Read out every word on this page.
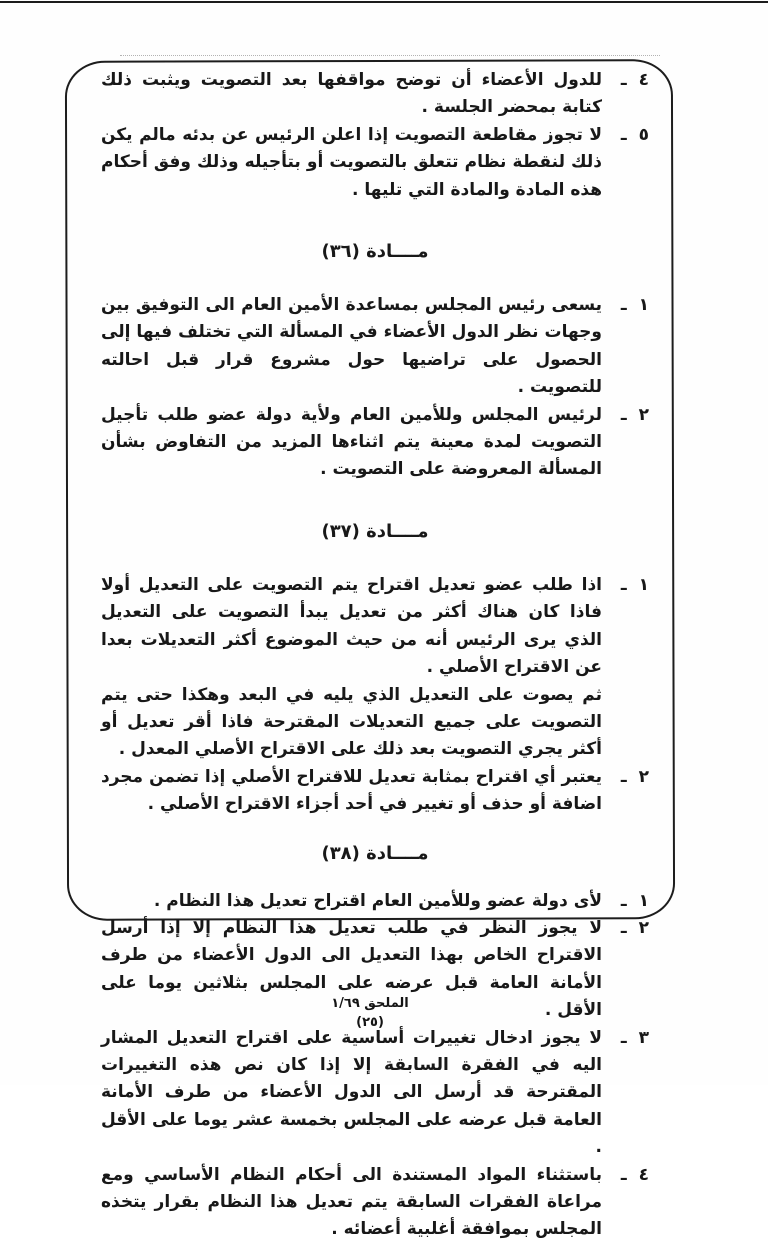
٤ ـ
للدول الأعضاء أن توضح مواقفها بعد التصويت ويثبت ذلك كتابة بمحضر الجلسة .
٥ ـ
لا تجوز مقاطعة التصويت إذا اعلن الرئيس عن بدئه مالم يكن ذلك لنقطة نظام تتعلق بالتصويت أو بتأجيله وذلك وفق أحكام هذه المادة والمادة التي تليها .
مــــادة (٣٦)
١ ـ
يسعى رئيس المجلس بمساعدة الأمين العام الى التوفيق بين وجهات نظر الدول الأعضاء في المسألة التي تختلف فيها إلى الحصول على تراضيها حول مشروع قرار قبل احالته للتصويت .
٢ ـ
لرئيس المجلس وللأمين العام ولأية دولة عضو طلب تأجيل التصويت لمدة معينة يتم اثناءها المزيد من التفاوض بشأن المسألة المعروضة على التصويت .
مــــادة (٣٧)
١ ـ

اذا طلب عضو تعديل اقتراح يتم التصويت على التعديل أولا فاذا كان هناك أكثر من تعديل يبدأ التصويت على التعديل الذي يرى الرئيس أنه من حيث الموضوع أكثر التعديلات بعدا عن الاقتراح الأصلي .

ثم يصوت على التعديل الذي يليه في البعد وهكذا حتى يتم التصويت على جميع التعديلات المقترحة فاذا أقر تعديل أو أكثر يجري التصويت بعد ذلك على الاقتراح الأصلي المعدل .

٢ ـ
يعتبر أي اقتراح بمثابة تعديل للاقتراح الأصلي إذا تضمن مجرد اضافة أو حذف أو تغيير في أحد أجزاء الاقتراح الأصلي .
مــــادة (٣٨)
١ ـ
لأى دولة عضو وللأمين العام اقتراح تعديل هذا النظام .
٢ ـ
لا يجوز النظر في طلب تعديل هذا النظام إلا إذا أرسل الاقتراح الخاص بهذا التعديل الى الدول الأعضاء من طرف الأمانة العامة قبل عرضه على المجلس بثلاثين يوما على الأقل .
٣ ـ
لا يجوز ادخال تغييرات أساسية على اقتراح التعديل المشار اليه في الفقرة السابقة إلا إذا كان نص هذه التغييرات المقترحة قد أرسل الى الدول الأعضاء من طرف الأمانة العامة قبل عرضه على المجلس بخمسة عشر يوما على الأقل .
٤ ـ
باستثناء المواد المستندة الى أحكام النظام الأساسي ومع مراعاة الفقرات السابقة يتم تعديل هذا النظام بقرار يتخذه المجلس بموافقة أغلبية أعضائه .
الملحق ١/٦٩
(٢٥)
